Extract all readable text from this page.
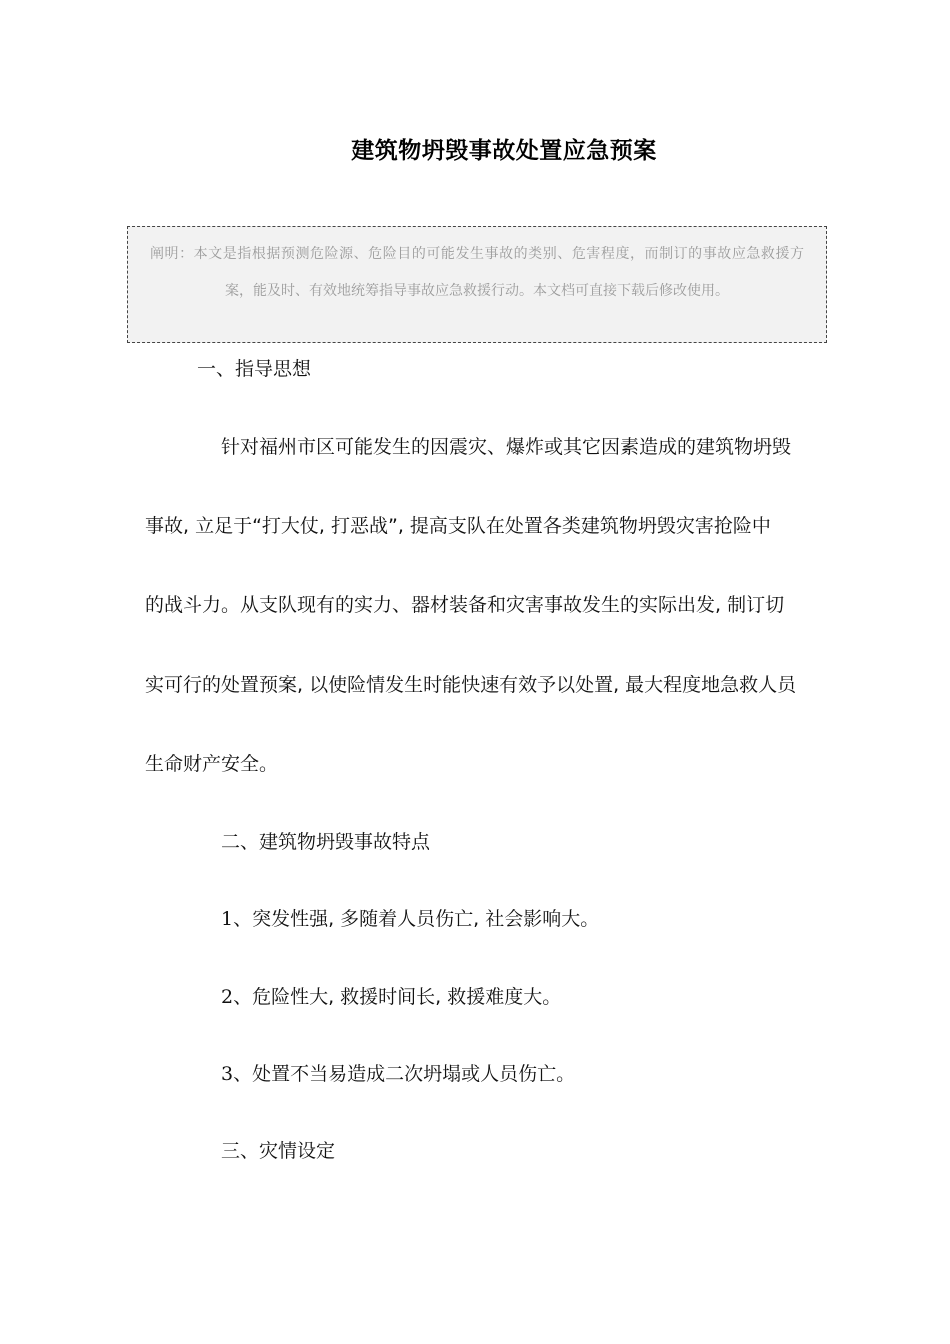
建筑物坍毁事故处置应急预案
阐明：本文是指根据预测危险源、危险目的可能发生事故的类别、危害程度，而制订的事故应急救援方案，能及时、有效地统筹指导事故应急救援行动。本文档可直接下载后修改使用。
一、指导思想
针对福州市区可能发生的因震灾、爆炸或其它因素造成的建筑物坍毁
事故, 立足于“打大仗, 打恶战”, 提高支队在处置各类建筑物坍毁灾害抢险中
的战斗力。从支队现有的实力、器材装备和灾害事故发生的实际出发, 制订切
实可行的处置预案, 以使险情发生时能快速有效予以处置, 最大程度地急救人员
生命财产安全。
二、建筑物坍毁事故特点
1、突发性强, 多随着人员伤亡, 社会影响大。
2、危险性大, 救援时间长, 救援难度大。
3、处置不当易造成二次坍塌或人员伤亡。
三、灾情设定
